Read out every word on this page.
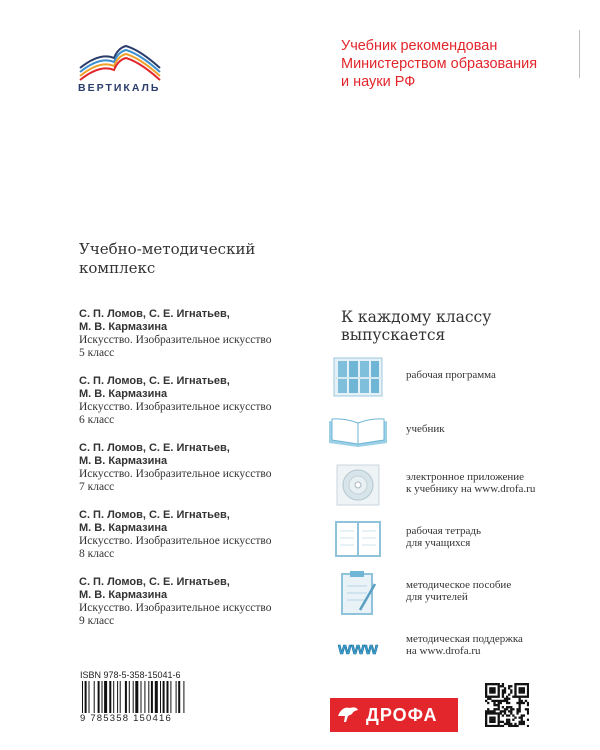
ВЕРТИКАЛЬ
Учебник рекомендован
Министерством образования
и науки РФ
Учебно-методический
комплекс
С. П. Ломов, С. Е. Игнатьев,
М. В. Кармазина
Искусство. Изобразительное искусство
5 класс
С. П. Ломов, С. Е. Игнатьев,
М. В. Кармазина
Искусство. Изобразительное искусство
6 класс
С. П. Ломов, С. Е. Игнатьев,
М. В. Кармазина
Искусство. Изобразительное искусство
7 класс
С. П. Ломов, С. Е. Игнатьев,
М. В. Кармазина
Искусство. Изобразительное искусство
8 класс
С. П. Ломов, С. Е. Игнатьев,
М. В. Кармазина
Искусство. Изобразительное искусство
9 класс
К каждому классу
выпускается
рабочая программа
учебник
электронное приложение
к учебнику на www.drofa.ru
рабочая тетрадь
для учащихся
методическое пособие
для учителей
www
методическая поддержка
на www.drofa.ru
ISBN 978-5-358-15041-6
9 785358 150416	ДРОФА
